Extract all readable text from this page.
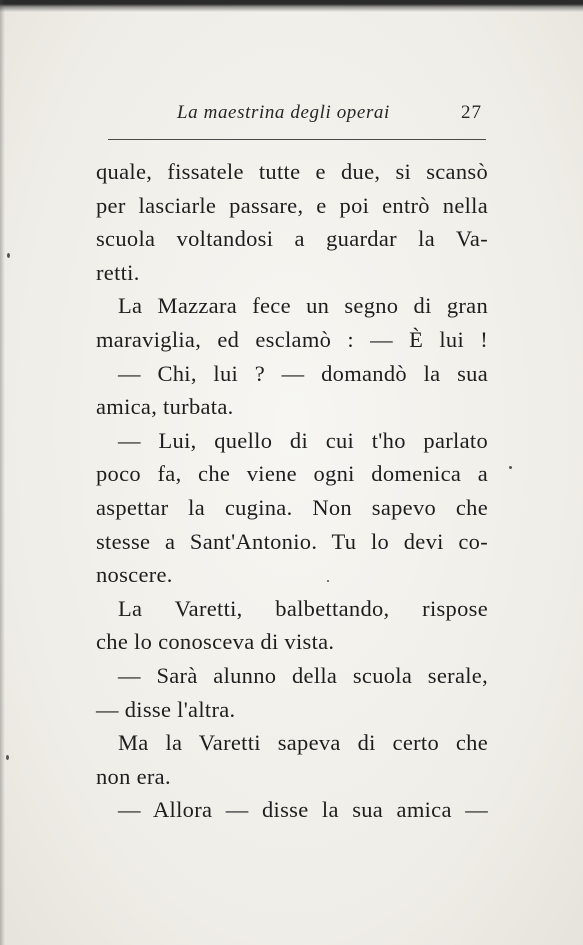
La maestrina degli operai	27
quale, fissatele tutte e due, si scansò
per lasciarle passare, e poi entrò nella
scuola voltandosi a guardar la Va-
retti.
La Mazzara fece un segno di gran
maraviglia, ed esclamò : — È lui !
— Chi, lui ? — domandò la sua
amica, turbata.
— Lui, quello di cui t'ho parlato
poco fa, che viene ogni domenica a
aspettar la cugina. Non sapevo che
stesse a Sant'Antonio. Tu lo devi co-
noscere.
La Varetti, balbettando, rispose
che lo conosceva di vista.
— Sarà alunno della scuola serale,
— disse l'altra.
Ma la Varetti sapeva di certo che
non era.
— Allora — disse la sua amica —
